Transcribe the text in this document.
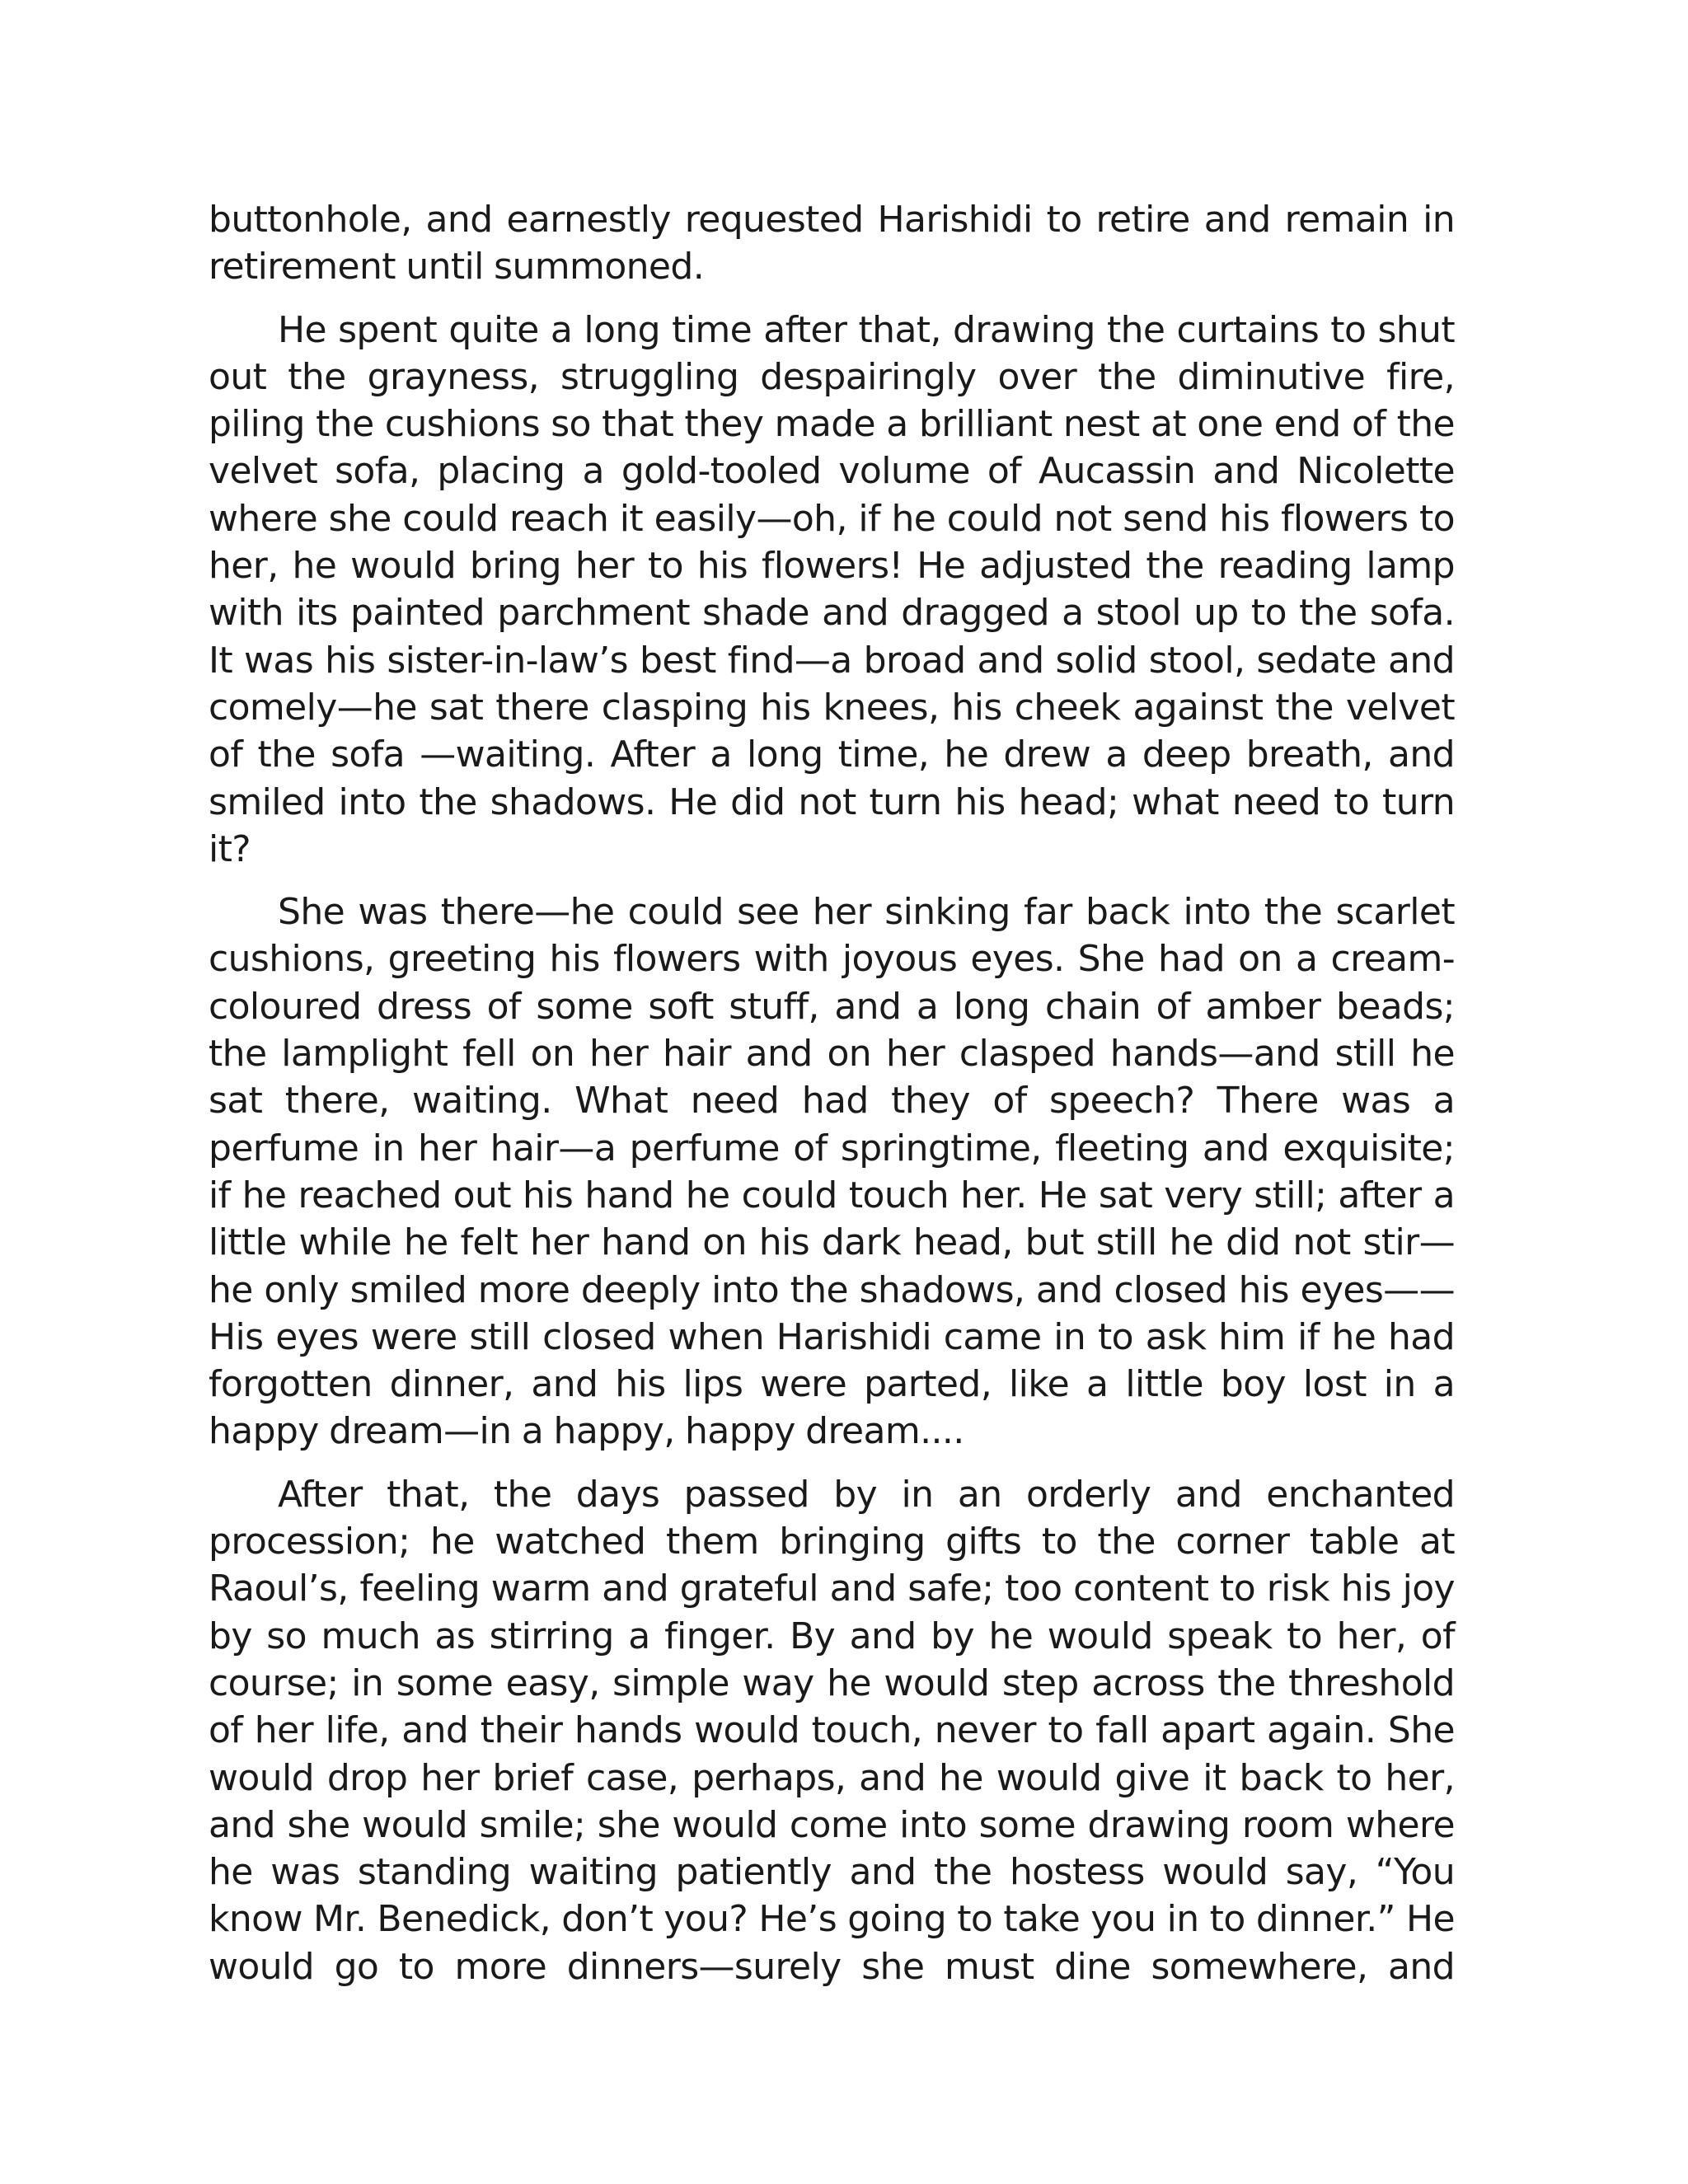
buttonhole, and earnestly requested Harishidi to retire and remain in retirement until summoned.

He spent quite a long time after that, drawing the curtains to shut out the grayness, struggling despairingly over the diminutive fire, piling the cushions so that they made a brilliant nest at one end of the velvet sofa, placing a gold-tooled volume of Aucassin and Nicolette where she could reach it easily—oh, if he could not send his flowers to her, he would bring her to his flowers! He adjusted the reading lamp with its painted parchment shade and dragged a stool up to the sofa. It was his sister-in-law’s best find—a broad and solid stool, sedate and comely—he sat there clasping his knees, his cheek against the velvet of the sofa —waiting. After a long time, he drew a deep breath, and smiled into the shadows. He did not turn his head; what need to turn it?

She was there—he could see her sinking far back into the scarlet cushions, greeting his flowers with joyous eyes. She had on a cream-coloured dress of some soft stuff, and a long chain of amber beads; the lamplight fell on her hair and on her clasped hands—and still he sat there, waiting. What need had they of speech? There was a perfume in her hair—a perfume of springtime, fleeting and exquisite; if he reached out his hand he could touch her. He sat very still; after a little while he felt her hand on his dark head, but still he did not stir—he only smiled more deeply into the shadows, and closed his eyes—— His eyes were still closed when Harishidi came in to ask him if he had forgotten dinner, and his lips were parted, like a little boy lost in a happy dream—in a happy, happy dream....

After that, the days passed by in an orderly and enchanted procession; he watched them bringing gifts to the corner table at Raoul’s, feeling warm and grateful and safe; too content to risk his joy by so much as stirring a finger. By and by he would speak to her, of course; in some easy, simple way he would step across the threshold of her life, and their hands would touch, never to fall apart again. She would drop her brief case, perhaps, and he would give it back to her, and she would smile; she would come into some drawing room where he was standing waiting patiently and the hostess would say, “You know Mr. Benedick, don’t you? He’s going to take you in to dinner.” He would go to more dinners—surely she must dine somewhere, and
